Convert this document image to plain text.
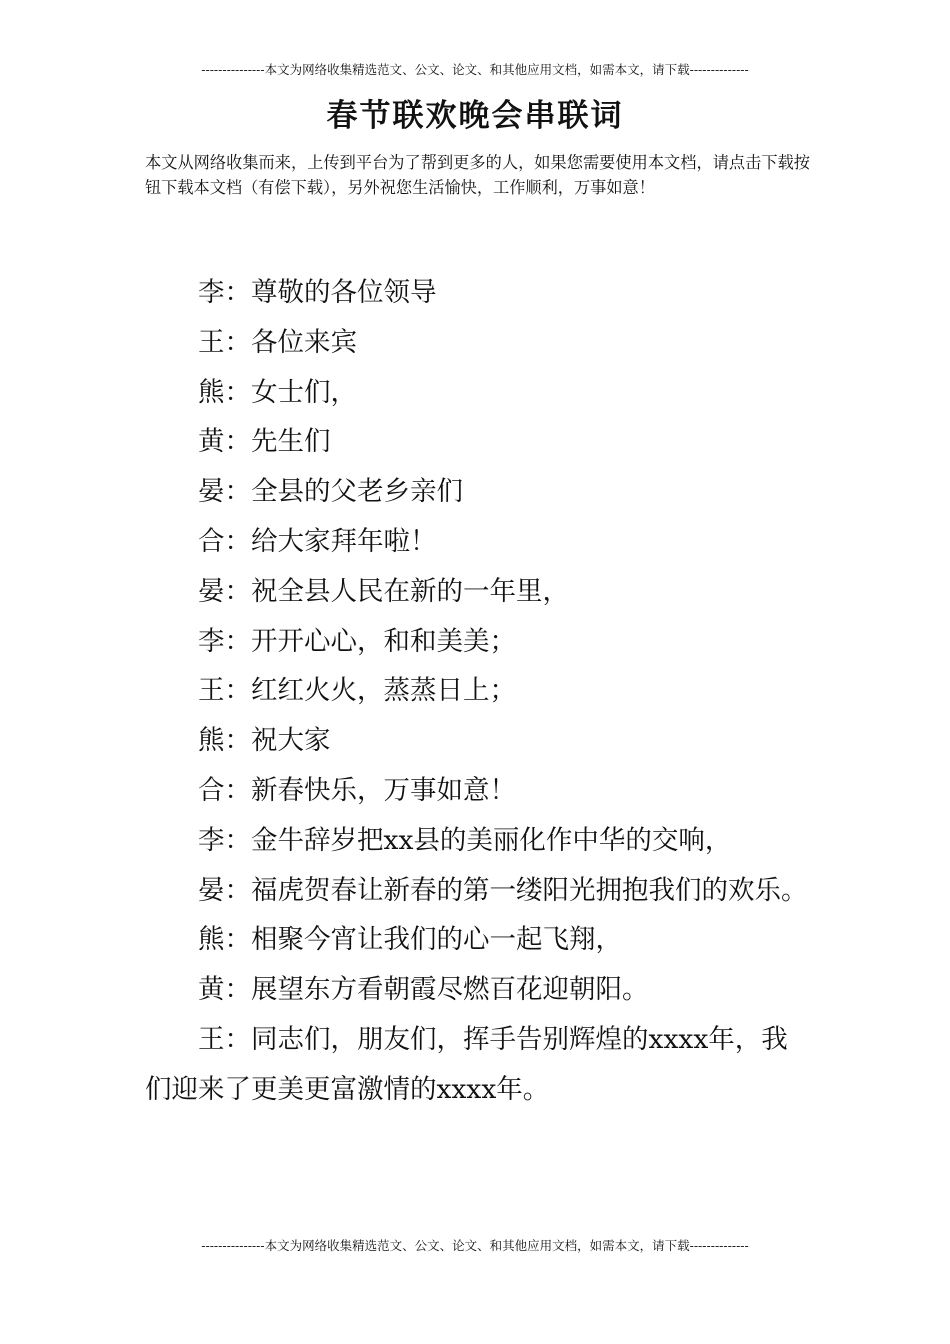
---------------本文为网络收集精选范文、公文、论文、和其他应用文档，如需本文，请下载--------------
春节联欢晚会串联词
本文从网络收集而来，上传到平台为了帮到更多的人，如果您需要使用本文档，请点击下载按钮下载本文档（有偿下载），另外祝您生活愉快，工作顺利，万事如意！

李：尊敬的各位领导

王：各位来宾

熊：女士们，

黄：先生们

晏：全县的父老乡亲们

合：给大家拜年啦！

晏：祝全县人民在新的一年里，

李：开开心心，和和美美；

王：红红火火，蒸蒸日上；

熊：祝大家

合：新春快乐，万事如意！

李：金牛辞岁把xx县的美丽化作中华的交响，

晏：福虎贺春让新春的第一缕阳光拥抱我们的欢乐。

熊：相聚今宵让我们的心一起飞翔，

黄：展望东方看朝霞尽燃百花迎朝阳。

王：同志们，朋友们，挥手告别辉煌的xxxx年，我们迎来了更美更富激情的xxxx年。

---------------本文为网络收集精选范文、公文、论文、和其他应用文档，如需本文，请下载--------------
